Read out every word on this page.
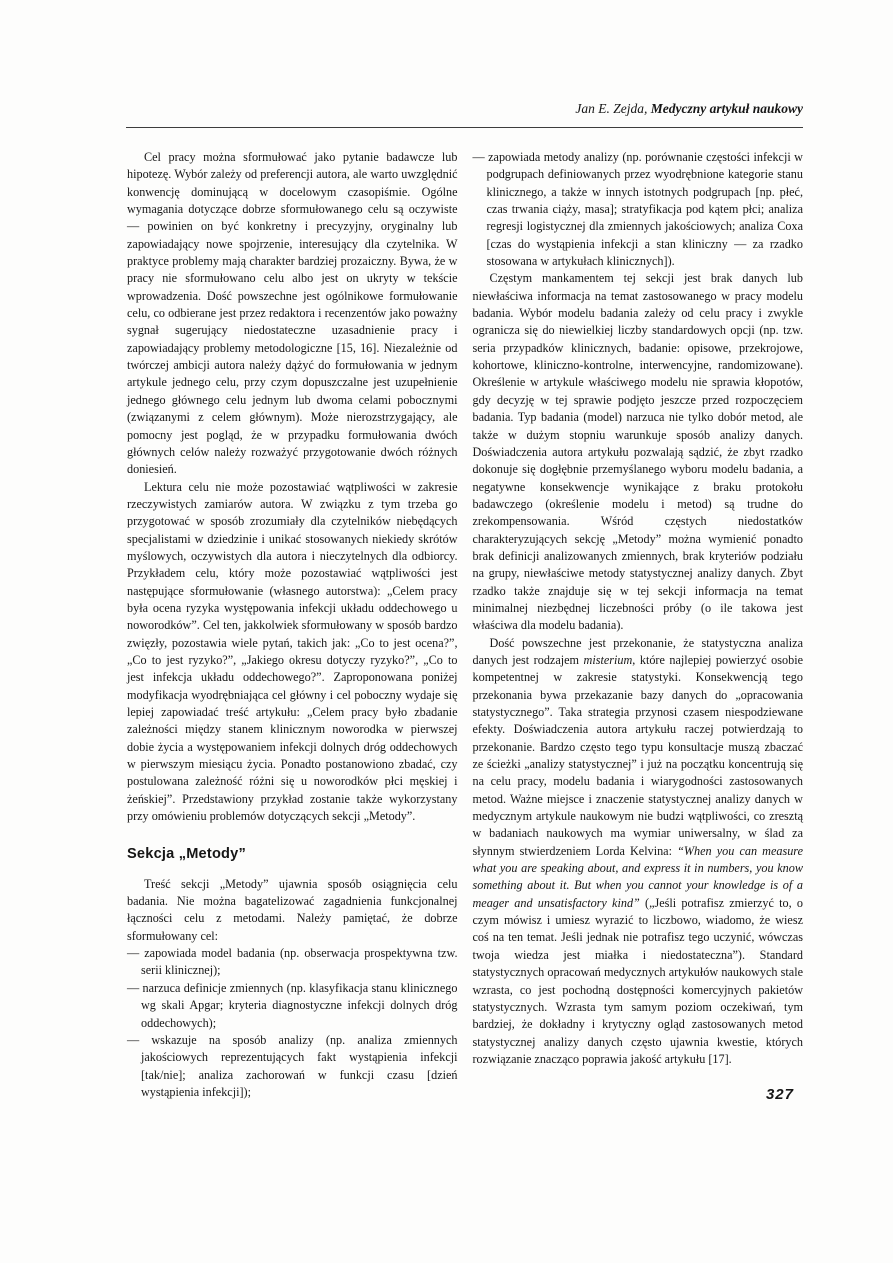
Jan E. Zejda, Medyczny artykuł naukowy

Cel pracy można sformułować jako pytanie badawcze lub hipotezę. Wybór zależy od preferencji autora, ale warto uwzględnić konwencję dominującą w docelowym czasopiśmie. Ogólne wymagania dotyczące dobrze sformułowanego celu są oczywiste — powinien on być konkretny i precyzyjny, oryginalny lub zapowiadający nowe spojrzenie, interesujący dla czytelnika. W praktyce problemy mają charakter bardziej prozaiczny. Bywa, że w pracy nie sformułowano celu albo jest on ukryty w tekście wprowadzenia. Dość powszechne jest ogólnikowe formułowanie celu, co odbierane jest przez redaktora i recenzentów jako poważny sygnał sugerujący niedostateczne uzasadnienie pracy i zapowiadający problemy metodologiczne [15, 16]. Niezależnie od twórczej ambicji autora należy dążyć do formułowania w jednym artykule jednego celu, przy czym dopuszczalne jest uzupełnienie jednego głównego celu jednym lub dwoma celami pobocznymi (związanymi z celem głównym). Może nierozstrzygający, ale pomocny jest pogląd, że w przypadku formułowania dwóch głównych celów należy rozważyć przygotowanie dwóch różnych doniesień.

Lektura celu nie może pozostawiać wątpliwości w zakresie rzeczywistych zamiarów autora. W związku z tym trzeba go przygotować w sposób zrozumiały dla czytelników niebędących specjalistami w dziedzinie i unikać stosowanych niekiedy skrótów myślowych, oczywistych dla autora i nieczytelnych dla odbiorcy. Przykładem celu, który może pozostawiać wątpliwości jest następujące sformułowanie (własnego autorstwa): „Celem pracy była ocena ryzyka występowania infekcji układu oddechowego u noworodków”. Cel ten, jakkolwiek sformułowany w sposób bardzo zwięzły, pozostawia wiele pytań, takich jak: „Co to jest ocena?”, „Co to jest ryzyko?”, „Jakiego okresu dotyczy ryzyko?”, „Co to jest infekcja układu oddechowego?”. Zaproponowana poniżej modyfikacja wyodrębniająca cel główny i cel poboczny wydaje się lepiej zapowiadać treść artykułu: „Celem pracy było zbadanie zależności między stanem klinicznym noworodka w pierwszej dobie życia a występowaniem infekcji dolnych dróg oddechowych w pierwszym miesiącu życia. Ponadto postanowiono zbadać, czy postulowana zależność różni się u noworodków płci męskiej i żeńskiej”. Przedstawiony przykład zostanie także wykorzystany przy omówieniu problemów dotyczących sekcji „Metody”.

Sekcja „Metody”

Treść sekcji „Metody” ujawnia sposób osiągnięcia celu badania. Nie można bagatelizować zagadnienia funkcjonalnej łączności celu z metodami. Należy pamiętać, że dobrze sformułowany cel:

— zapowiada model badania (np. obserwacja prospektywna tzw. serii klinicznej);

— narzuca definicje zmiennych (np. klasyfikacja stanu klinicznego wg skali Apgar; kryteria diagnostyczne infekcji dolnych dróg oddechowych);

— wskazuje na sposób analizy (np. analiza zmiennych jakościowych reprezentujących fakt wystąpienia infekcji [tak/nie]; analiza zachorowań w funkcji czasu [dzień wystąpienia infekcji]);

— zapowiada metody analizy (np. porównanie częstości infekcji w podgrupach definiowanych przez wyodrębnione kategorie stanu klinicznego, a także w innych istotnych podgrupach [np. płeć, czas trwania ciąży, masa]; stratyfikacja pod kątem płci; analiza regresji logistycznej dla zmiennych jakościowych; analiza Coxa [czas do wystąpienia infekcji a stan kliniczny — za rzadko stosowana w artykułach klinicznych]).

Częstym mankamentem tej sekcji jest brak danych lub niewłaściwa informacja na temat zastosowanego w pracy modelu badania. Wybór modelu badania zależy od celu pracy i zwykle ogranicza się do niewielkiej liczby standardowych opcji (np. tzw. seria przypadków klinicznych, badanie: opisowe, przekrojowe, kohortowe, kliniczno-kontrolne, interwencyjne, randomizowane). Określenie w artykule właściwego modelu nie sprawia kłopotów, gdy decyzję w tej sprawie podjęto jeszcze przed rozpoczęciem badania. Typ badania (model) narzuca nie tylko dobór metod, ale także w dużym stopniu warunkuje sposób analizy danych. Doświadczenia autora artykułu pozwalają sądzić, że zbyt rzadko dokonuje się dogłębnie przemyślanego wyboru modelu badania, a negatywne konsekwencje wynikające z braku protokołu badawczego (określenie modelu i metod) są trudne do zrekompensowania. Wśród częstych niedostatków charakteryzujących sekcję „Metody” można wymienić ponadto brak definicji analizowanych zmiennych, brak kryteriów podziału na grupy, niewłaściwe metody statystycznej analizy danych. Zbyt rzadko także znajduje się w tej sekcji informacja na temat minimalnej niezbędnej liczebności próby (o ile takowa jest właściwa dla modelu badania).

Dość powszechne jest przekonanie, że statystyczna analiza danych jest rodzajem misterium, które najlepiej powierzyć osobie kompetentnej w zakresie statystyki. Konsekwencją tego przekonania bywa przekazanie bazy danych do „opracowania statystycznego”. Taka strategia przynosi czasem niespodziewane efekty. Doświadczenia autora artykułu raczej potwierdzają to przekonanie. Bardzo często tego typu konsultacje muszą zbaczać ze ścieżki „analizy statystycznej” i już na początku koncentrują się na celu pracy, modelu badania i wiarygodności zastosowanych metod. Ważne miejsce i znaczenie statystycznej analizy danych w medycznym artykule naukowym nie budzi wątpliwości, co zresztą w badaniach naukowych ma wymiar uniwersalny, w ślad za słynnym stwierdzeniem Lorda Kelvina: “When you can measure what you are speaking about, and express it in numbers, you know something about it. But when you cannot your knowledge is of a meager and unsatisfactory kind” („Jeśli potrafisz zmierzyć to, o czym mówisz i umiesz wyrazić to liczbowo, wiadomo, że wiesz coś na ten temat. Jeśli jednak nie potrafisz tego uczynić, wówczas twoja wiedza jest miałka i niedostateczna”). Standard statystycznych opracowań medycznych artykułów naukowych stale wzrasta, co jest pochodną dostępności komercyjnych pakietów statystycznych. Wzrasta tym samym poziom oczekiwań, tym bardziej, że dokładny i krytyczny ogląd zastosowanych metod statystycznej analizy danych często ujawnia kwestie, których rozwiązanie znacząco poprawia jakość artykułu [17].

327
